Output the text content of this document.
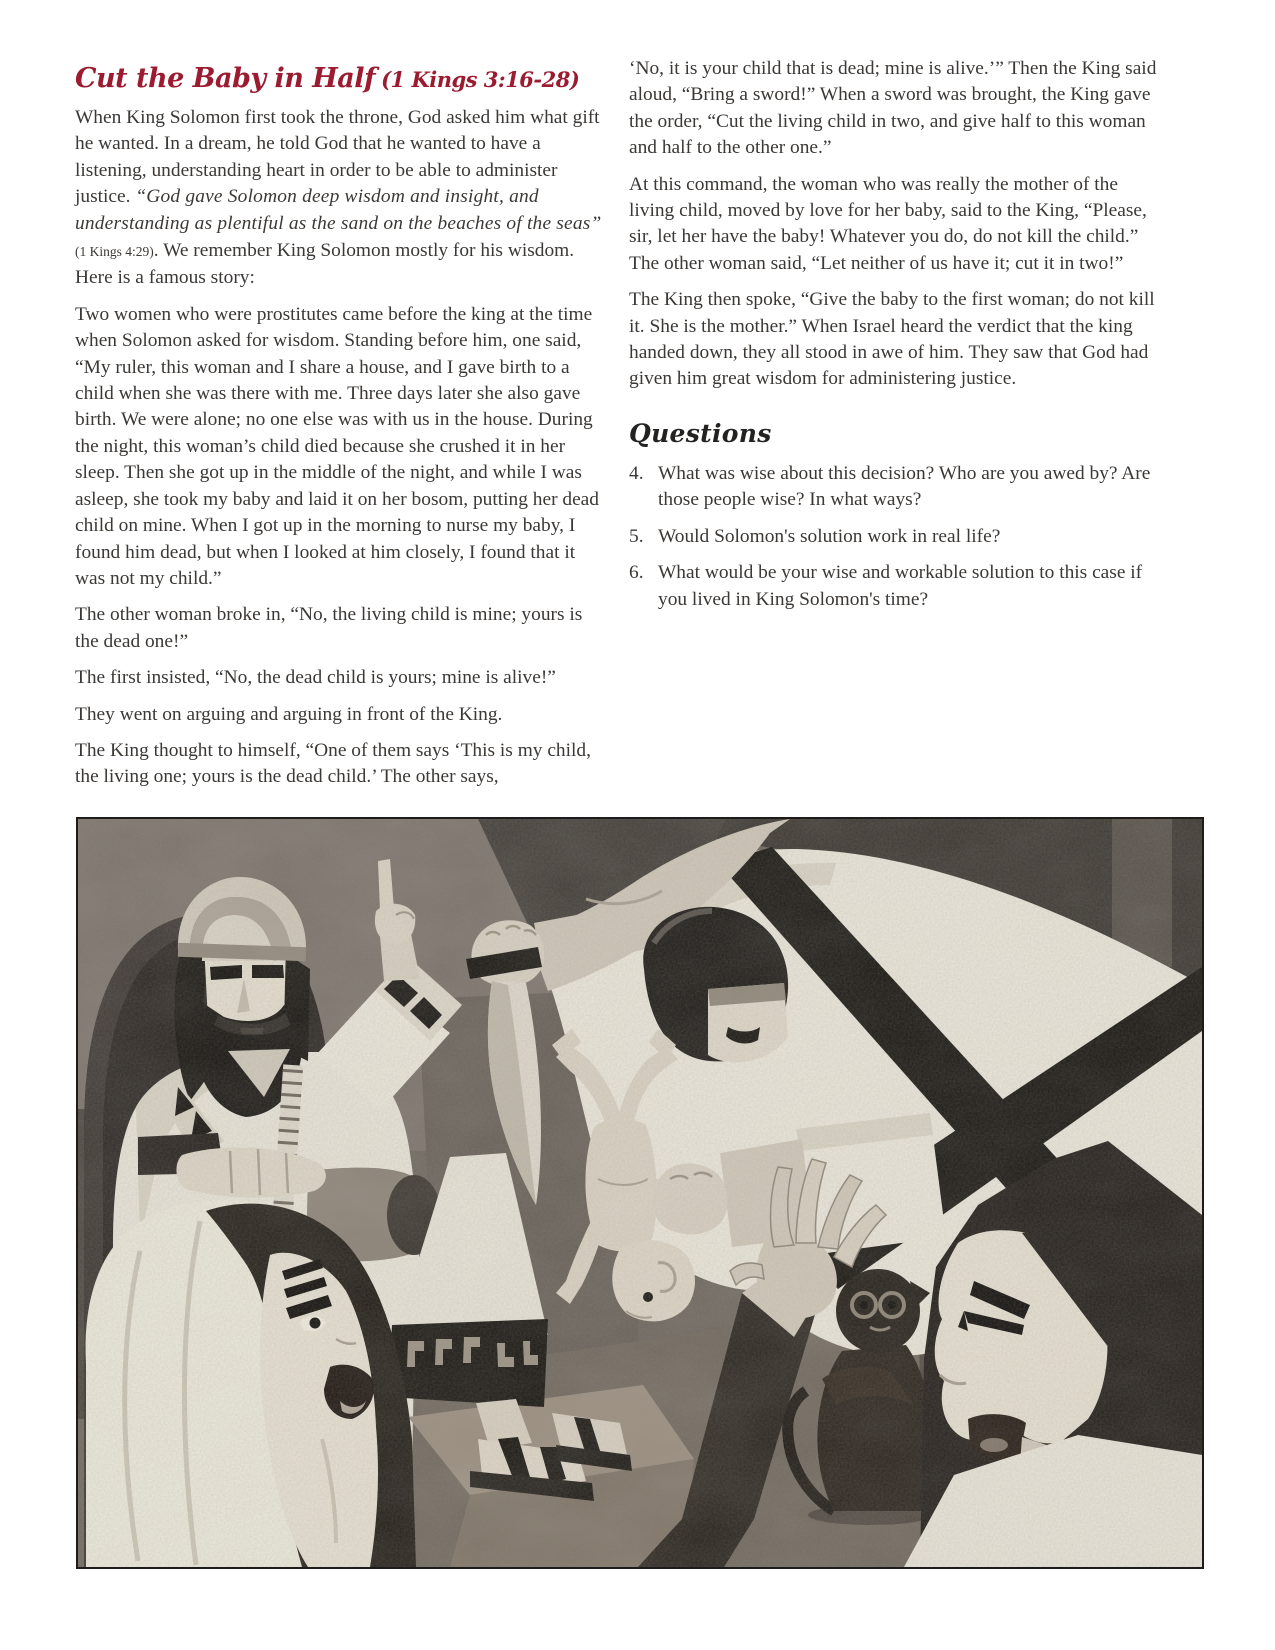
Cut the Baby in Half (1 Kings 3:16-28)

When King Solomon first took the throne, God asked him what gift he wanted. In a dream, he told God that he wanted to have a listening, understanding heart in order to be able to administer justice. “God gave Solomon deep wisdom and insight, and understanding as plentiful as the sand on the beaches of the seas” (1 Kings 4:29). We remember King Solomon mostly for his wisdom. Here is a famous story:

Two women who were prostitutes came before the king at the time when Solomon asked for wisdom. Standing before him, one said, “My ruler, this woman and I share a house, and I gave birth to a child when she was there with me. Three days later she also gave birth. We were alone; no one else was with us in the house. During the night, this woman’s child died because she crushed it in her sleep. Then she got up in the middle of the night, and while I was asleep, she took my baby and laid it on her bosom, putting her dead child on mine. When I got up in the morning to nurse my baby, I found him dead, but when I looked at him closely, I found that it was not my child.”

The other woman broke in, “No, the living child is mine; yours is the dead one!”

The first insisted, “No, the dead child is yours; mine is alive!”

They went on arguing and arguing in front of the King.

The King thought to himself, “One of them says ‘This is my child, the living one; yours is the dead child.’ The other says,

‘No, it is your child that is dead; mine is alive.’” Then the King said aloud, “Bring a sword!” When a sword was brought, the King gave the order, “Cut the living child in two, and give half to this woman and half to the other one.”

At this command, the woman who was really the mother of the living child, moved by love for her baby, said to the King, “Please, sir, let her have the baby! Whatever you do, do not kill the child.” The other woman said, “Let neither of us have it; cut it in two!”

The King then spoke, “Give the baby to the first woman; do not kill it. She is the mother.” When Israel heard the verdict that the king handed down, they all stood in awe of him. They saw that God had given him great wisdom for administering justice.

Questions
4. What was wise about this decision? Who are you awed by? Are those people wise? In what ways?
5. Would Solomon's solution work in real life?
6. What would be your wise and workable solution to this case if you lived in King Solomon's time?
